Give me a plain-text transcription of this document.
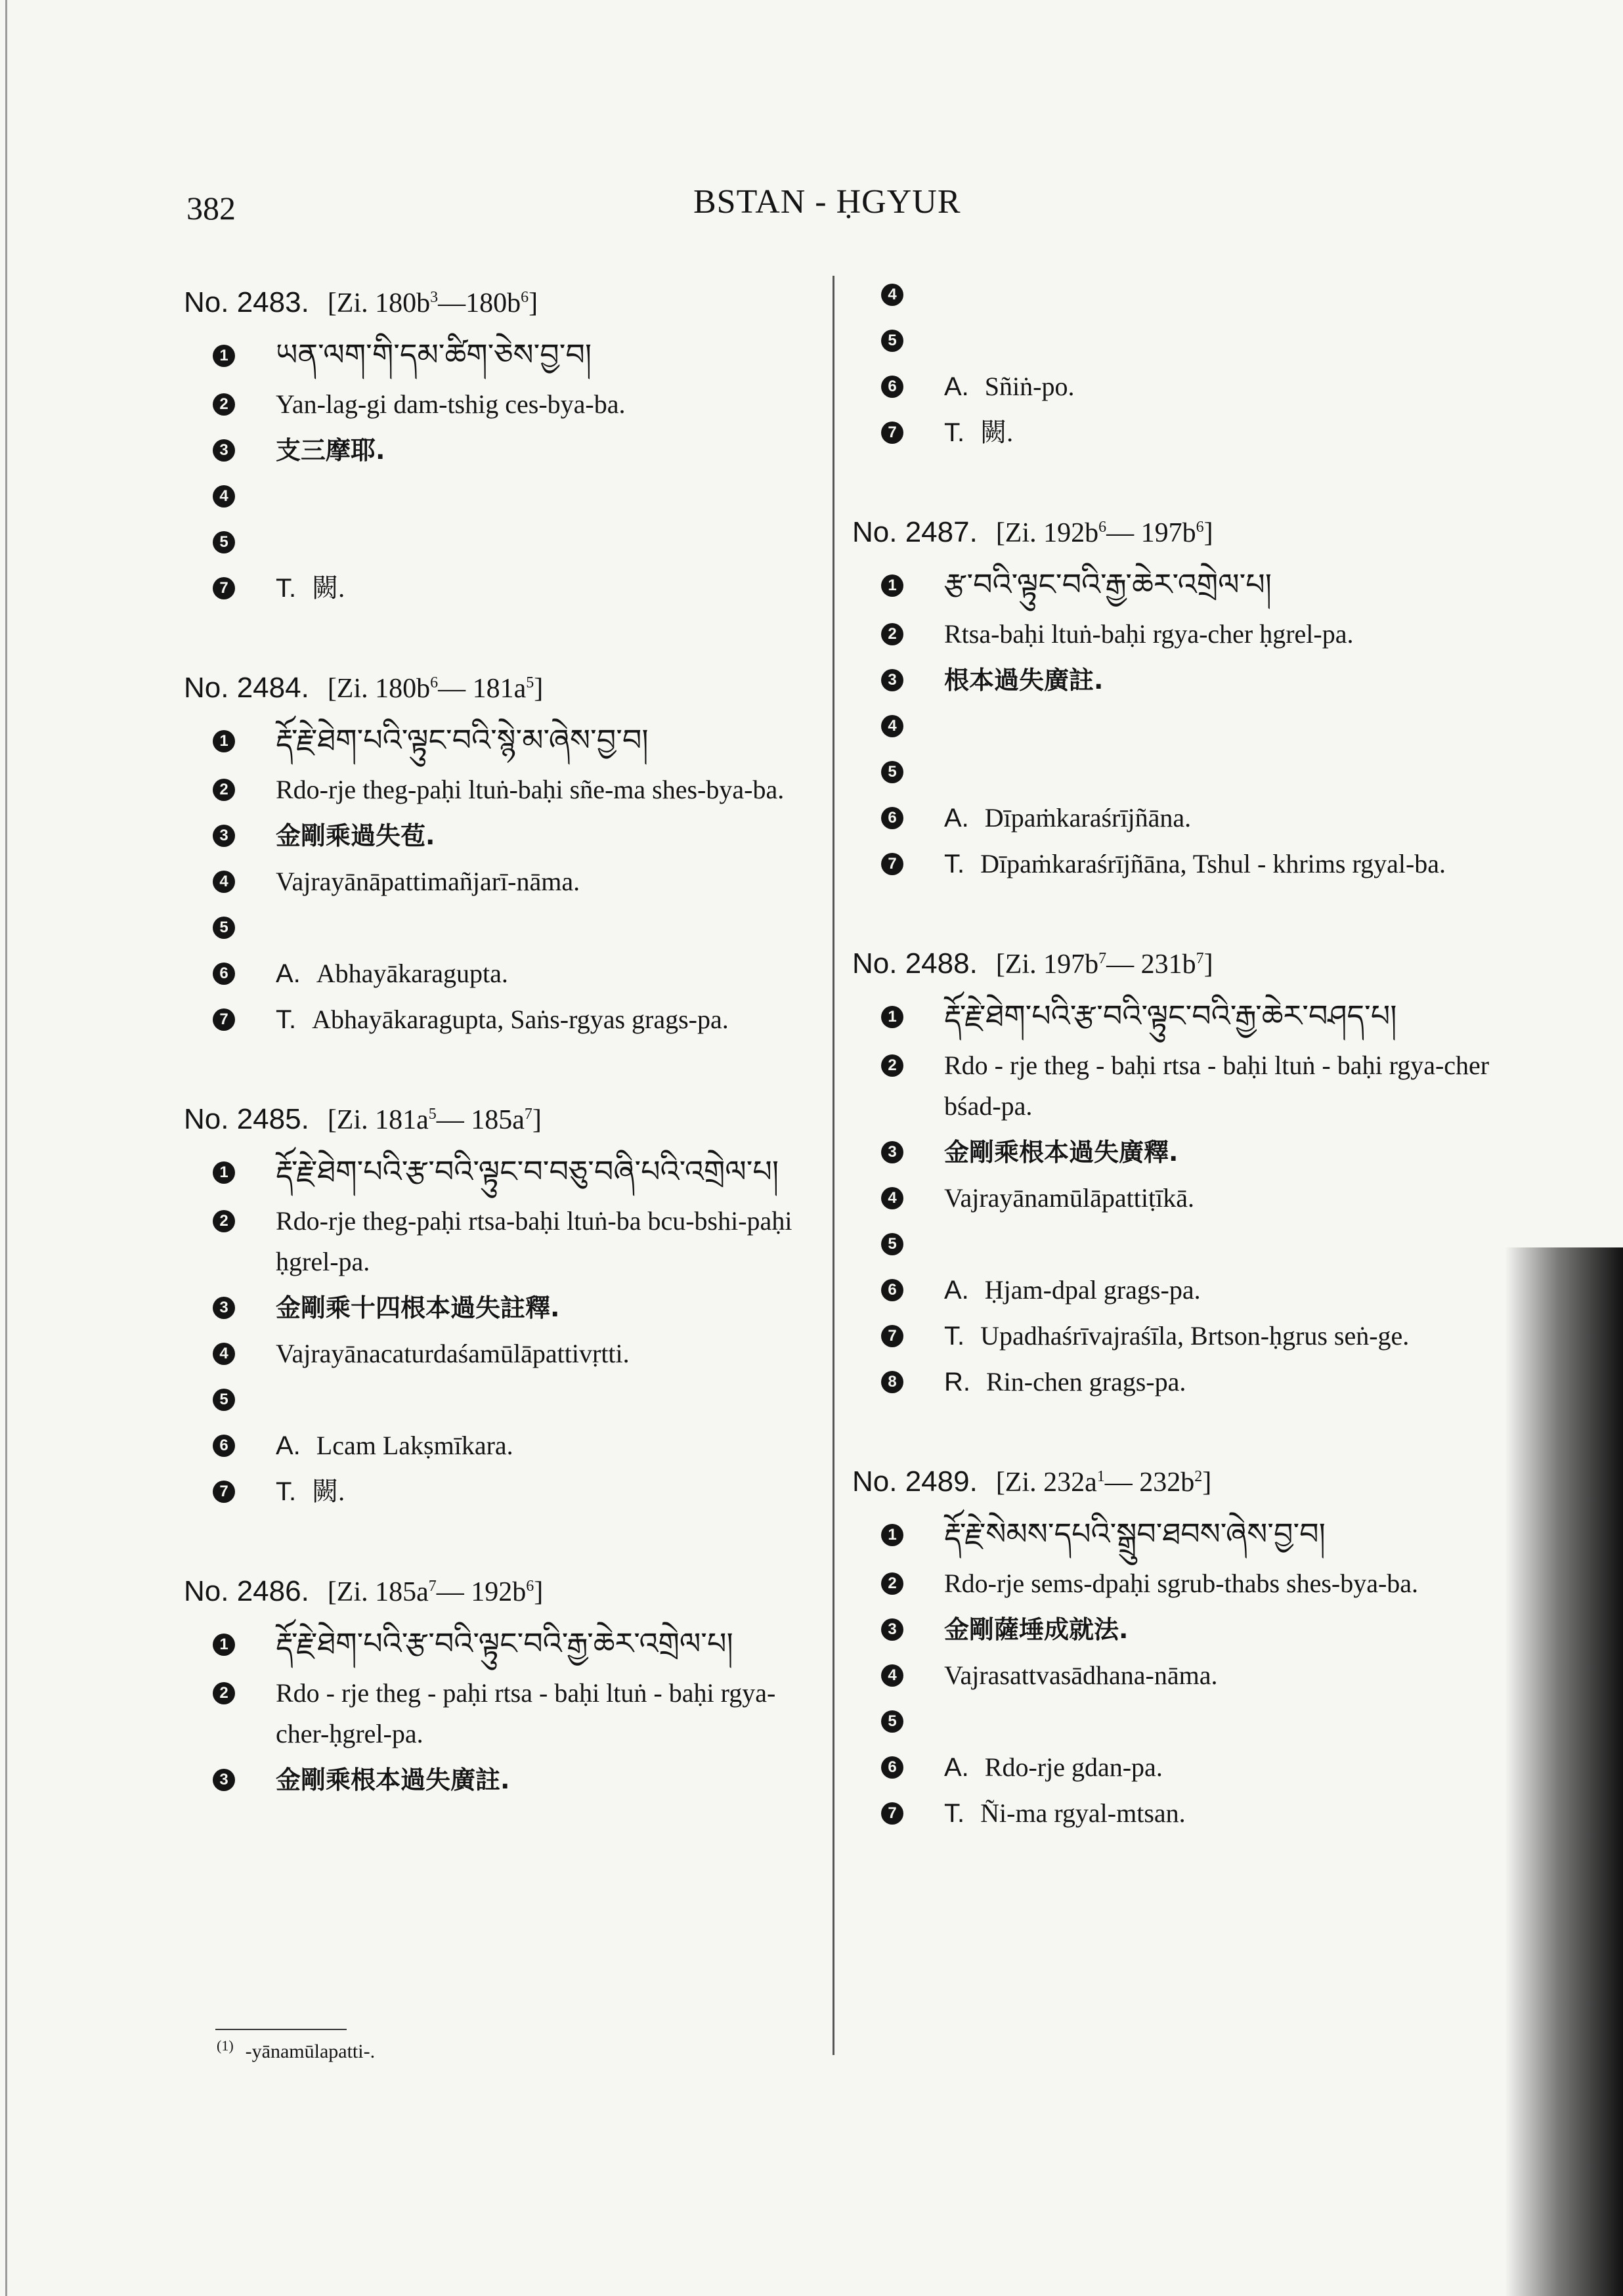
382	BSTAN - ḤGYUR
No. 2483. [Zi. 180b$^3$—180b$^6$]
1 ཡན་ལག་གི་དམ་ཚིག་ཅེས་བྱ་བ།
2 Yan-lag-gi dam-tshig ces-bya-ba.
3 支三摩耶.
4
5
7 T. 闕.
No. 2484. [Zi. 180b$^6$— 181a$^5$]
1 རྡོ་རྗེ་ཐེག་པའི་ལྟུང་བའི་སྙེ་མ་ཞེས་བྱ་བ།
2 Rdo-rje theg-paḥi ltuṅ-baḥi sñe-ma shes-bya-ba.
3 金剛乘過失苞.
4 Vajrayānāpattimañjarī-nāma.
5
6 A. Abhayākaragupta.
7 T. Abhayākaragupta, Saṅs-rgyas grags-pa.
No. 2485. [Zi. 181a$^5$— 185a$^7$]
1 རྡོ་རྗེ་ཐེག་པའི་རྩ་བའི་ལྟུང་བ་བཅུ་བཞི་པའི་འགྲེལ་པ།
2 Rdo-rje theg-paḥi rtsa-baḥi ltuṅ-ba bcu-bshi-paḥi ḥgrel-pa.
3 金剛乘十四根本過失註釋.
4 Vajrayānacaturdaśamūlāpattivṛtti.
5
6 A. Lcam Lakṣmīkara.
7 T. 闕.
No. 2486. [Zi. 185a$^7$— 192b$^6$]
1 རྡོ་རྗེ་ཐེག་པའི་རྩ་བའི་ལྟུང་བའི་རྒྱ་ཆེར་འགྲེལ་པ།
2 Rdo - rje theg - paḥi rtsa - baḥi ltuṅ - baḥi rgya-cher-ḥgrel-pa.
3 金剛乘根本過失廣註.
4
5
6 A. Sñiṅ-po.
7 T. 闕.
No. 2487. [Zi. 192b$^6$— 197b$^6$]
1 རྩ་བའི་ལྟུང་བའི་རྒྱ་ཆེར་འགྲེལ་པ།
2 Rtsa-baḥi ltuṅ-baḥi rgya-cher ḥgrel-pa.
3 根本過失廣註.
4
5
6 A. Dīpaṁkaraśrījñāna.
7 T. Dīpaṁkaraśrījñāna, Tshul - khrims rgyal-ba.
No. 2488. [Zi. 197b$^7$— 231b$^7$]
1 རྡོ་རྗེ་ཐེག་པའི་རྩ་བའི་ལྟུང་བའི་རྒྱ་ཆེར་བཤད་པ།
2 Rdo - rje theg - baḥi rtsa - baḥi ltuṅ - baḥi rgya-cher bśad-pa.
3 金剛乘根本過失廣釋.
4 Vajrayānamūlāpattiṭīkā.
5
6 A. Ḥjam-dpal grags-pa.
7 T. Upadhaśrīvajraśīla, Brtson-ḥgrus seṅ-ge.
8 R. Rin-chen grags-pa.
No. 2489. [Zi. 232a$^1$— 232b$^2$]
1 རྡོ་རྗེ་སེམས་དཔའི་སྒྲུབ་ཐབས་ཞེས་བྱ་བ།
2 Rdo-rje sems-dpaḥi sgrub-thabs shes-bya-ba.
3 金剛薩埵成就法.
4 Vajrasattvasādhana-nāma.
5
6 A. Rdo-rje gdan-pa.
7 T. Ñi-ma rgyal-mtsan.
$^{(1)}$ -yānamūlapatti-.
